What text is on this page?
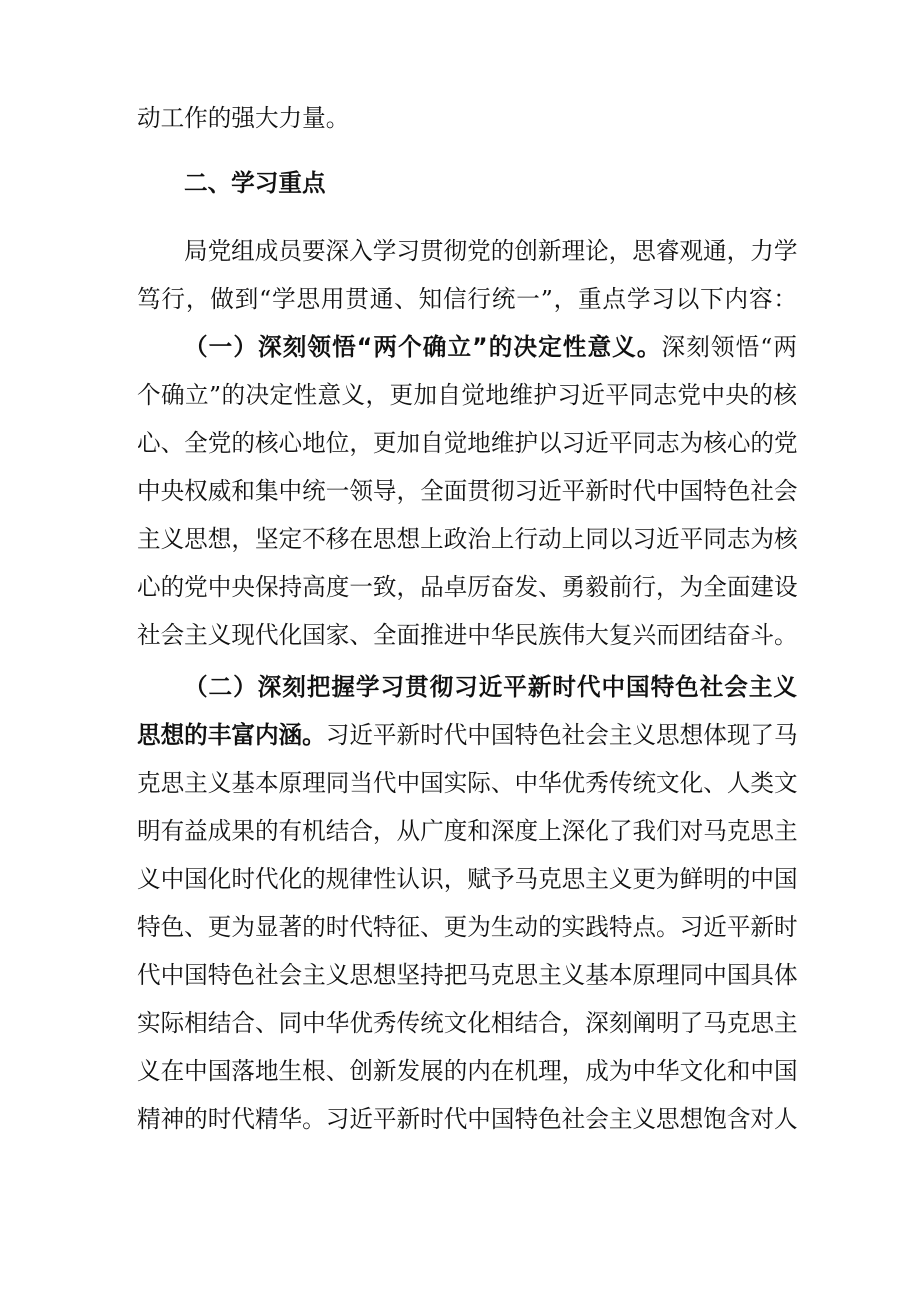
动工作的强大力量。
二、学习重点
局党组成员要深入学习贯彻党的创新理论，思睿观通，力学
笃行，做到“学思用贯通、知信行统一”，重点学习以下内容：
（一）深刻领悟“两个确立”的决定性意义。深刻领悟“两
个确立”的决定性意义，更加自觉地维护习近平同志党中央的核
心、全党的核心地位，更加自觉地维护以习近平同志为核心的党
中央权威和集中统一领导，全面贯彻习近平新时代中国特色社会
主义思想，坚定不移在思想上政治上行动上同以习近平同志为核
心的党中央保持高度一致，品卓厉奋发、勇毅前行，为全面建设
社会主义现代化国家、全面推进中华民族伟大复兴而团结奋斗。
（二）深刻把握学习贯彻习近平新时代中国特色社会主义
思想的丰富内涵。习近平新时代中国特色社会主义思想体现了马
克思主义基本原理同当代中国实际、中华优秀传统文化、人类文
明有益成果的有机结合，从广度和深度上深化了我们对马克思主
义中国化时代化的规律性认识，赋予马克思主义更为鲜明的中国
特色、更为显著的时代特征、更为生动的实践特点。习近平新时
代中国特色社会主义思想坚持把马克思主义基本原理同中国具体
实际相结合、同中华优秀传统文化相结合，深刻阐明了马克思主
义在中国落地生根、创新发展的内在机理，成为中华文化和中国
精神的时代精华。习近平新时代中国特色社会主义思想饱含对人
